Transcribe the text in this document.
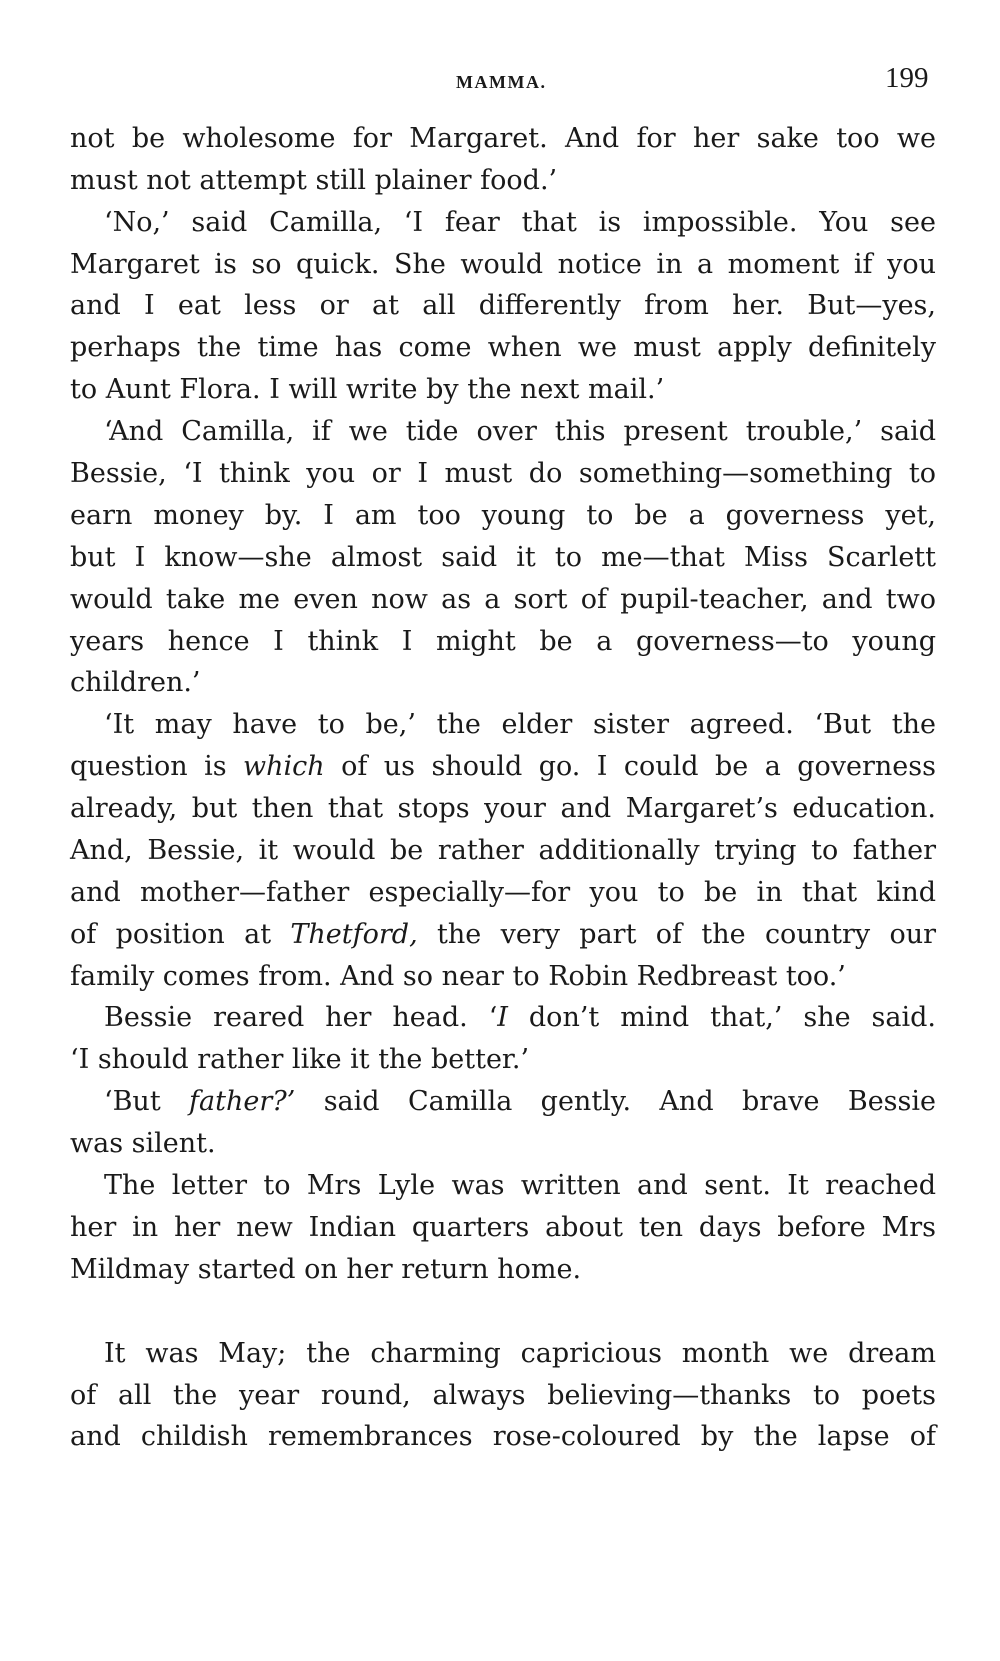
MAMMA.	199
not be wholesome for Margaret. And for her sake too we
must not attempt still plainer food.’
‘No,’ said Camilla, ‘I fear that is impossible. You see
Margaret is so quick. She would notice in a moment if you
and I eat less or at all differently from her. But—yes,
perhaps the time has come when we must apply definitely
to Aunt Flora. I will write by the next mail.’
‘And Camilla, if we tide over this present trouble,’ said
Bessie, ‘I think you or I must do something—something to
earn money by. I am too young to be a governess yet,
but I know—she almost said it to me—that Miss Scarlett
would take me even now as a sort of pupil-teacher, and two
years hence I think I might be a governess—to young
children.’
‘It may have to be,’ the elder sister agreed. ‘But the
question is which of us should go. I could be a governess
already, but then that stops your and Margaret’s education.
And, Bessie, it would be rather additionally trying to father
and mother—father especially—for you to be in that kind
of position at Thetford, the very part of the country our
family comes from. And so near to Robin Redbreast too.’
Bessie reared her head. ‘I don’t mind that,’ she said.
‘I should rather like it the better.’
‘But father?’ said Camilla gently. And brave Bessie
was silent.
The letter to Mrs Lyle was written and sent. It reached
her in her new Indian quarters about ten days before Mrs
Mildmay started on her return home.
It was May; the charming capricious month we dream
of all the year round, always believing—thanks to poets
and childish remembrances rose-coloured by the lapse of
